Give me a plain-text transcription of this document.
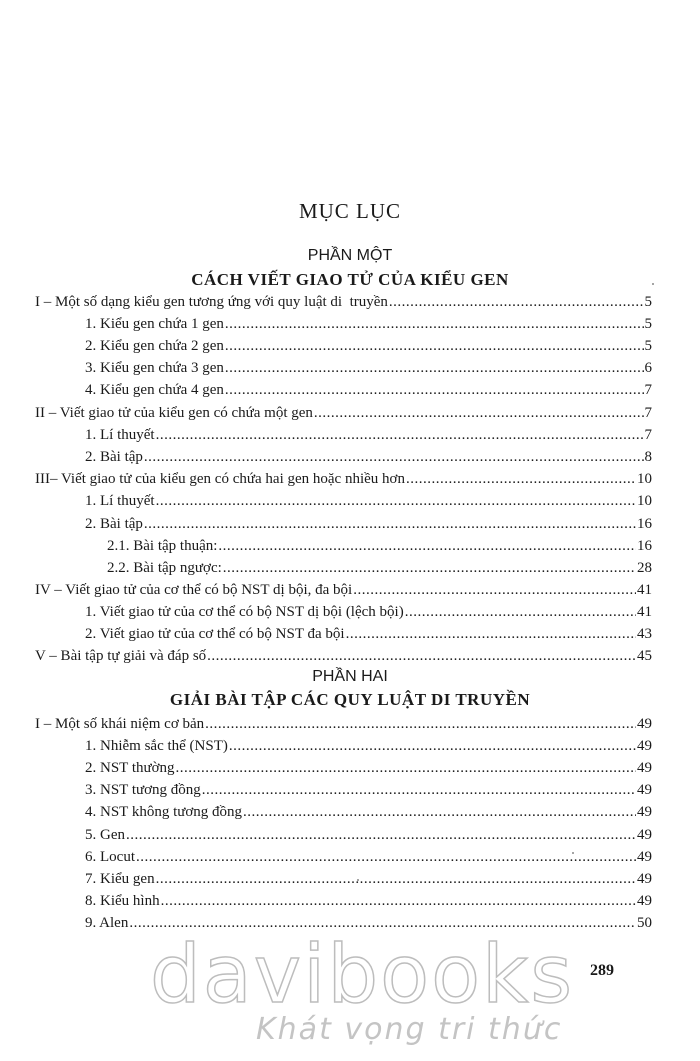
MỤC LỤC
PHẦN MỘT
CÁCH VIẾT GIAO TỬ CỦA KIỂU GEN
PHẦN HAI
GIẢI BÀI TẬP CÁC QUY LUẬT DI TRUYỀN
I – Một số dạng kiểu gen tương ứng với quy luật di  truyền .....	5
1. Kiểu gen chứa 1 gen .....	5
2. Kiểu gen chứa 2 gen .....	5
3. Kiểu gen chứa 3 gen .....	6
4. Kiểu gen chứa 4 gen .....	7
II – Viết giao tử của kiểu gen có chứa một gen .....	7
1. Lí thuyết .....	7
2. Bài tập .....	8
III– Viết giao tử của kiểu gen có chứa hai gen hoặc nhiều hơn .....	10
1. Lí thuyết .....	10
2. Bài tập .....	16
2.1. Bài tập thuận: .....	16
2.2. Bài tập ngược: .....	28
IV – Viết giao tử của cơ thể có bộ NST dị bội, đa bội .....	41
1. Viết giao tử của cơ thể có bộ NST dị bội (lệch bội) .....	41
2. Viết giao tử của cơ thể có bộ NST đa bội .....	43
V – Bài tập tự giải và đáp số .....	45
I – Một số khái niệm cơ bản .....	49
1. Nhiễm sắc thể (NST) .....	49
2. NST thường .....	49
3. NST tương đồng .....	49
4. NST không tương đồng .....	49
5. Gen .....	49
6. Locut .....	49
7. Kiểu gen .....	49
8. Kiểu hình .....	49
9. Alen .....	50
289
davibooks
Khát vọng tri thức
